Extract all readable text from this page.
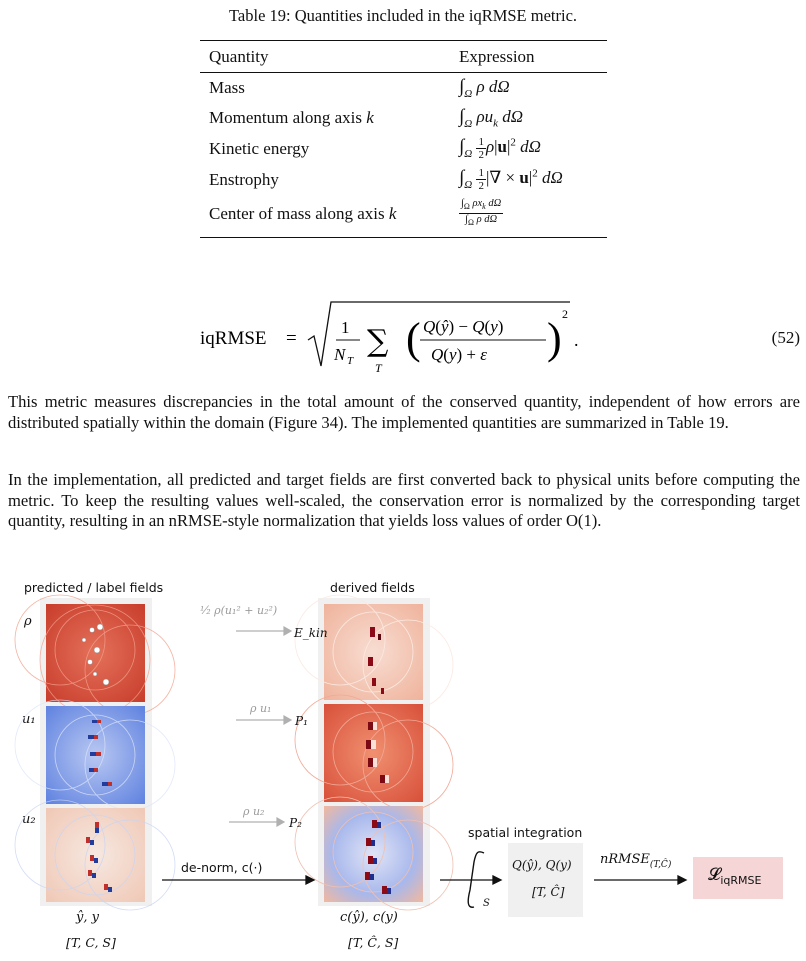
Table 19: Quantities included in the iqRMSE metric.
Quantity	Expression
Mass	$\int_\Omega$ ρ dΩ
Momentum along axis k	$\int_\Omega$ $\rho u_k$ dΩ
Kinetic energy	$\int_\Omega \frac{1}{2} \rho|u|^2$ dΩ
Enstrophy	$\int_\Omega \frac{1}{2}$ |∇ × $u|^2$ dΩ
Center of mass along axis k	$\frac{\int_\Omega \rho x_k d\Omega}{\int_\Omega \rho d\Omega}$
iqRMSE =
1
N T
∑
T
( Q(ŷ) − Q(y)
Q(y) + ε ) 2
.	(52)
This metric measures discrepancies in the total amount of the conserved quantity, independent of how errors are distributed spatially within the domain (Figure 34). The implemented quantities are summarized in Table 19.
In the implementation, all predicted and target fields are first converted back to physical units before computing the metric. To keep the resulting values well-scaled, the conservation error is normalized by the corresponding target quantity, resulting in an nRMSE-style normalization that yields loss values of order O(1).
predicted / label fields	derived fields
ρ
u₁
u₂
¹⁄₂ ρ(u₁² + u₂²)
ρ u₁
ρ u₂
E_kin
P₁
P₂
de-norm, c(·)
ŷ, y
[T, C, S]
c(ŷ), c(y)
[T, Ĉ, S]
spatial integration
S
Q(ŷ), Q(y)
[T, Ĉ]
nRMSE$_{(T,Ĉ)}$ 𝓛$_{iqRMSE}$
